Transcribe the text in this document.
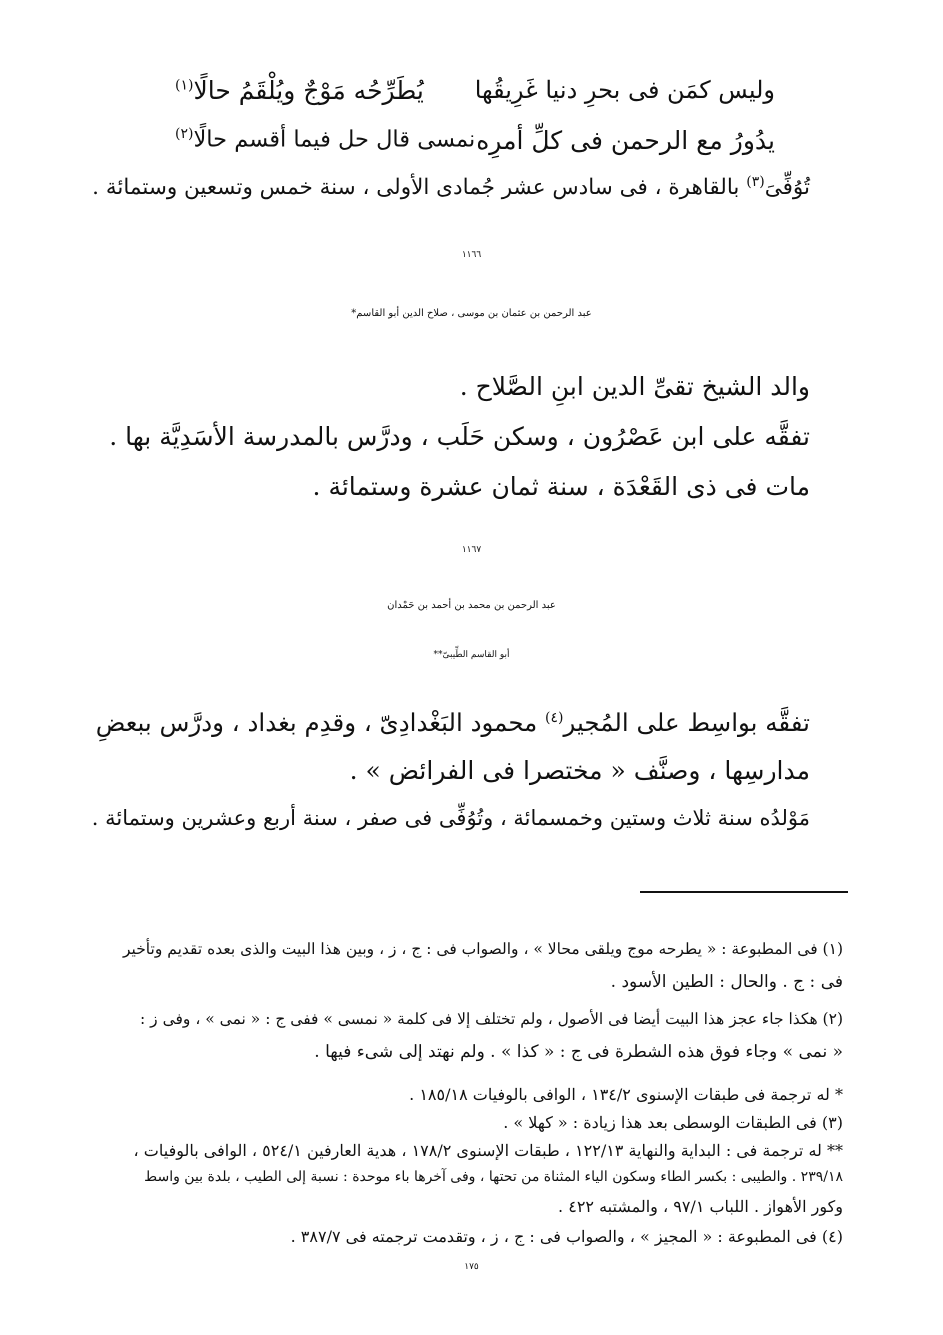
وليس كمَن فى بحرِ دنيا غَرِيقُها
يُطَرِّحُه مَوْجٌ ويُلْقَمُ حالًا$^{(١)}$
يدُورُ مع الرحمن فى كلِّ أمرِه
نمسى قال حل فيما أقسم حالًا$^{(٢)}$
تُوُفِّىَ$^{(٣)}$ بالقاهرة ، فى سادس عشر جُمادى الأولى ، سنة خمس وتسعين وستمائة .
١١٦٦
عبد الرحمن بن عثمان بن موسى ، صلاح الدين أبو القاسم*
والد الشيخ تقىِّ الدين ابنِ الصَّلاح .
تفقَّه على ابن عَصْرُون ، وسكن حَلَب ، ودرَّس بالمدرسة الأسَدِيَّة بها .
مات فى ذى القَعْدَة ، سنة ثمان عشرة وستمائة .
١١٦٧
عبد الرحمن بن محمد بن أحمد بن حَمْدان
أبو القاسم الطِّيبىّ**
تفقَّه بواسِط على المُجير$^{(٤)}$ محمود البَغْدادِىّ ، وقدِم بغداد ، ودرَّس ببعضِ
مدارسِها ، وصنَّف « مختصرا فى الفرائض » .
مَوْلدُه سنة ثلاث وستين وخمسمائة ، وتُوُفِّى فى صفر ، سنة أربع وعشرين وستمائة .
(١) فى المطبوعة : « يطرحه موج ويلقى محالا » ، والصواب فى : ج ، ز ، وبين هذا البيت والذى بعده تقديم وتأخير
فى : ج . والحال : الطين الأسود .
(٢) هكذا جاء عجز هذا البيت أيضا فى الأصول ، ولم تختلف إلا فى كلمة « نمسى » ففى ج : « نمى » ، وفى ز :
« نمى » وجاء فوق هذه الشطرة فى ج : « كذا » . ولم نهتد إلى شىء فيها .
* له ترجمة فى طبقات الإسنوى ١٣٤/٢ ، الوافى بالوفيات ١٨٥/١٨ .
(٣) فى الطبقات الوسطى بعد هذا زيادة : « كهلا » .
** له ترجمة فى : البداية والنهاية ١٢٢/١٣ ، طبقات الإسنوى ١٧٨/٢ ، هدية العارفين ٥٢٤/١ ، الوافى بالوفيات ،
٢٣٩/١٨ . والطيبى : بكسر الطاء وسكون الياء المثناة من تحتها ، وفى آخرها باء موحدة : نسبة إلى الطيب ، بلدة بين واسط
وكور الأهواز . اللباب ٩٧/١ ، والمشتبه ٤٢٢ .
(٤) فى المطبوعة : « المجيز » ، والصواب فى : ج ، ز ، وتقدمت ترجمته فى ٣٨٧/٧ .
١٧٥
